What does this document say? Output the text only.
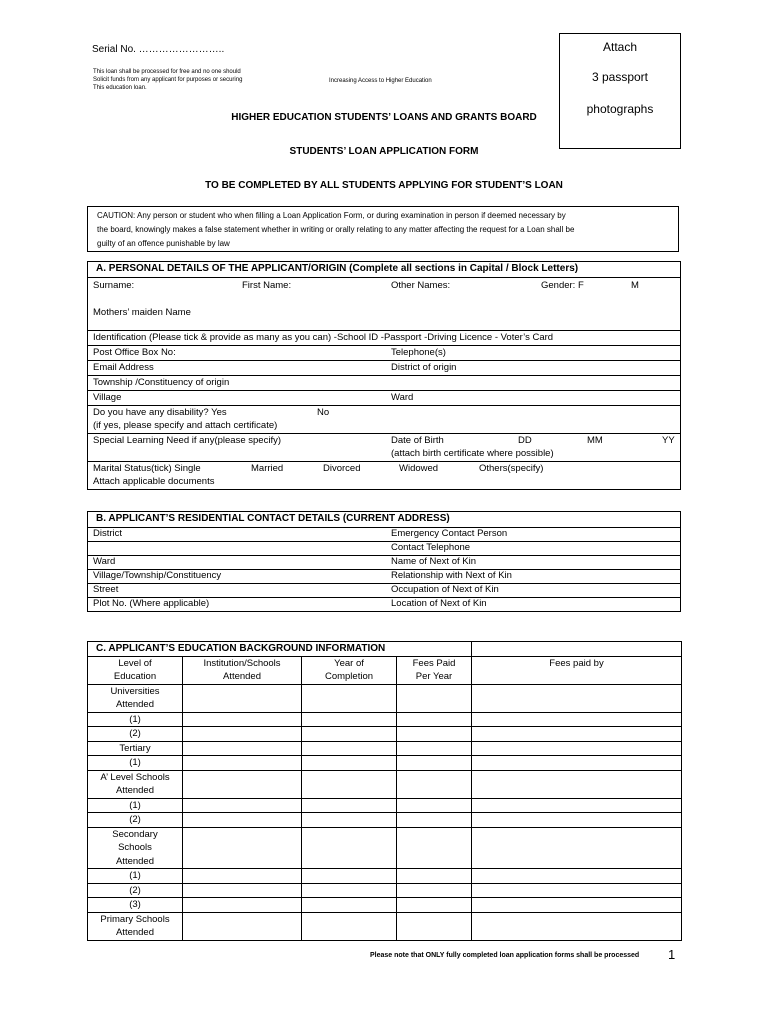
Serial No. ……………………..
This loan shall be processed for free and no one should
Solicit funds from any applicant for purposes or securing
This education loan.
Increasing Access to Higher Education
Attach
3 passport
photographs
HIGHER EDUCATION STUDENTS’ LOANS AND GRANTS BOARD
STUDENTS’ LOAN APPLICATION FORM
TO BE COMPLETED BY ALL STUDENTS APPLYING FOR STUDENT’S LOAN
CAUTION: Any person or student who when filling a Loan Application Form, or during examination in person if deemed necessary by
the board, knowingly makes a false statement whether in writing or orally relating to any matter affecting the request for a Loan shall be
guilty of an offence punishable by law
A. PERSONAL DETAILS OF THE APPLICANT/ORIGIN (Complete all sections in Capital / Block Letters)
Surname:	First Name:	Other Names:	Gender: F	M
Mothers’ maiden Name
Identification (Please tick & provide as many as you can) -School ID -Passport -Driving Licence - Voter’s Card
Post Office Box No:	Telephone(s)
Email Address	District of origin
Township /Constituency of origin
Village	Ward
Do you have any disability? Yes	No
(if yes, please specify and attach certificate)
Special Learning Need if any(please specify)	Date of Birth	DD	MM	YY
(attach birth certificate where possible)
Marital Status(tick) Single	Married	Divorced	Widowed	Others(specify)
Attach applicable documents
B. APPLICANT’S RESIDENTIAL CONTACT DETAILS (CURRENT ADDRESS)
District	Emergency Contact Person
Contact Telephone
Ward	Name of Next of Kin
Village/Township/Constituency	Relationship with Next of Kin
Street	Occupation of Next of Kin
Plot No. (Where applicable)	Location of Next of Kin
C. APPLICANT’S EDUCATION BACKGROUND INFORMATION				
Level of Education	Institution/Schools Attended	Year of Completion	Fees Paid Per Year	Fees paid by
Universities Attended				
(1)				
(2)				
Tertiary				
(1)				
A’ Level Schools Attended				
(1)				
(2)				
Secondary Schools Attended				
(1)				
(2)				
(3)				
Primary Schools Attended				
Please note that ONLY fully completed loan application forms shall be processed 1
